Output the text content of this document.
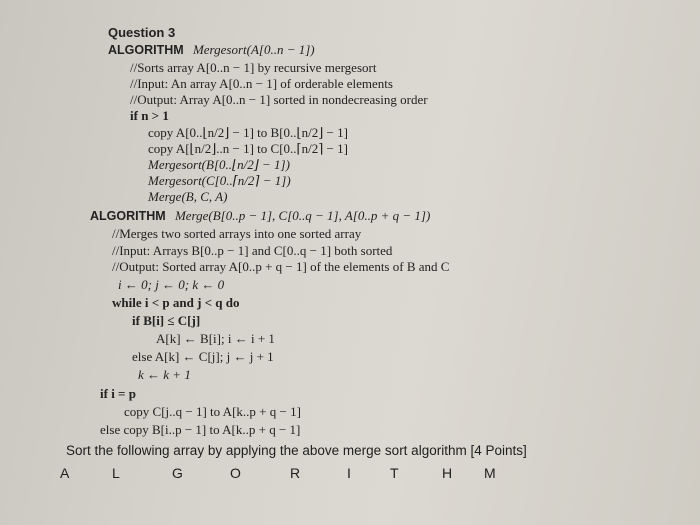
Question 3
ALGORITHM Mergesort(A[0..n − 1])
//Sorts array A[0..n − 1] by recursive mergesort
//Input: An array A[0..n − 1] of orderable elements
//Output: Array A[0..n − 1] sorted in nondecreasing order
if n > 1
copy A[0..⌊n/2⌋ − 1] to B[0..⌊n/2⌋ − 1]
copy A[⌊n/2⌋..n − 1] to C[0..⌈n/2⌉ − 1]
Mergesort(B[0..⌊n/2⌋ − 1])
Mergesort(C[0..⌈n/2⌉ − 1])
Merge(B, C, A)
ALGORITHM Merge(B[0..p − 1], C[0..q − 1], A[0..p + q − 1])
//Merges two sorted arrays into one sorted array
//Input: Arrays B[0..p − 1] and C[0..q − 1] both sorted
//Output: Sorted array A[0..p + q − 1] of the elements of B and C
i ← 0; j ← 0; k ← 0
while i < p and j < q do
if B[i] ≤ C[j]
A[k] ← B[i]; i ← i + 1
else A[k] ← C[j]; j ← j + 1
k ← k + 1
if i = p
copy C[j..q − 1] to A[k..p + q − 1]
else copy B[i..p − 1] to A[k..p + q − 1]
Sort the following array by applying the above merge sort algorithm [4 Points]
A	L	G	O	R	I	T	H M
